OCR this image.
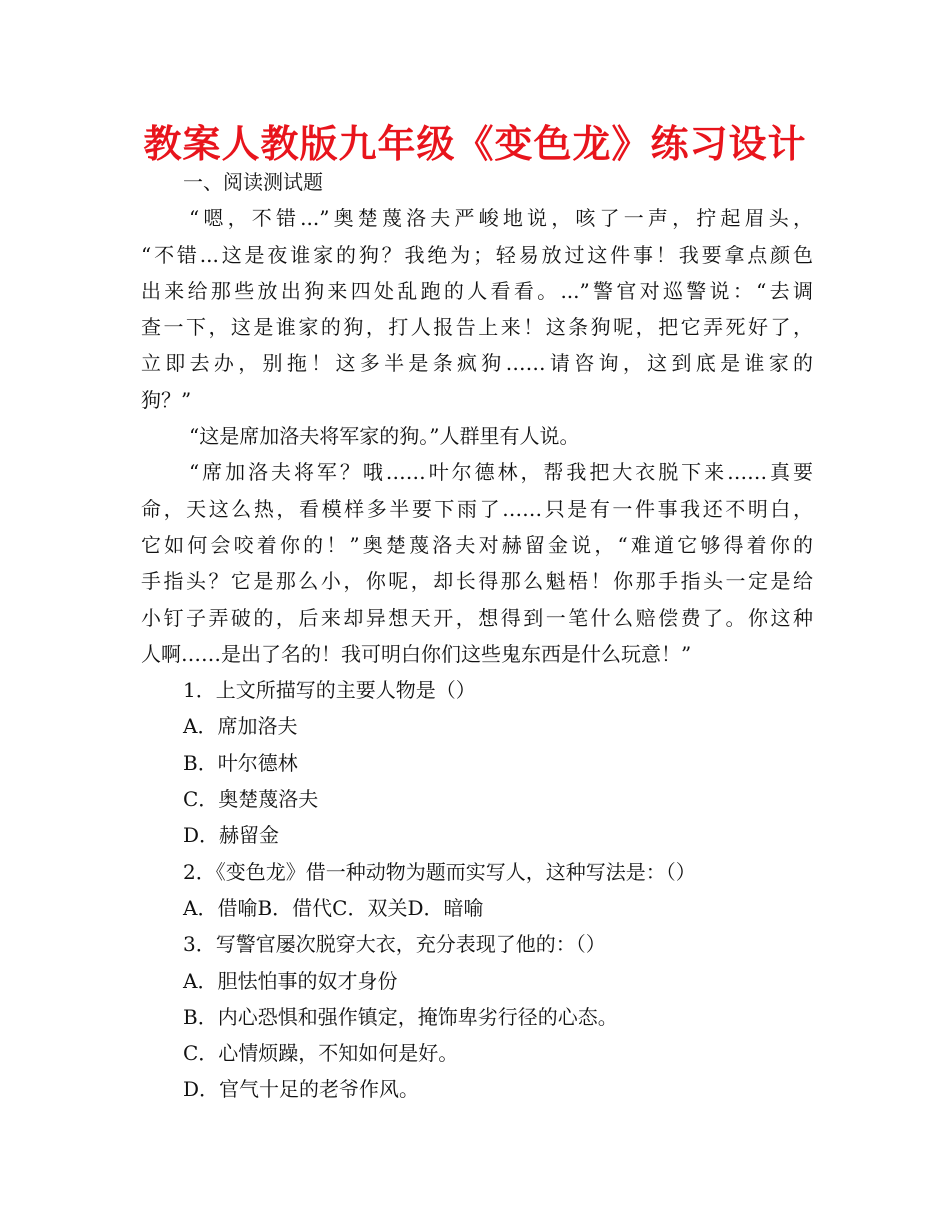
教案人教版九年级《变色龙》练习设计
一、阅读测试题
“嗯，不错...”奥楚蔑洛夫严峻地说，咳了一声，拧起眉头，
“不错...这是夜谁家的狗？我绝为；轻易放过这件事！我要拿点颜色
出来给那些放出狗来四处乱跑的人看看。...”警官对巡警说：“去调
查一下，这是谁家的狗，打人报告上来！这条狗呢，把它弄死好了，
立即去办，别拖！这多半是条疯狗……请咨询，这到底是谁家的
狗？”
“这是席加洛夫将军家的狗。”人群里有人说。
“席加洛夫将军？哦……叶尔德林，帮我把大衣脱下来……真要
命，天这么热，看模样多半要下雨了……只是有一件事我还不明白，
它如何会咬着你的！”奥楚蔑洛夫对赫留金说，“难道它够得着你的
手指头？它是那么小，你呢，却长得那么魁梧！你那手指头一定是给
小钉子弄破的，后来却异想天开，想得到一笔什么赔偿费了。你这种
人啊……是出了名的！我可明白你们这些鬼东西是什么玩意！”
1．上文所描写的主要人物是（）
A．席加洛夫
B．叶尔德林
C．奥楚蔑洛夫
D．赫留金
2．《变色龙》借一种动物为题而实写人，这种写法是：（）
A．借喻B．借代C．双关D．暗喻
3．写警官屡次脱穿大衣，充分表现了他的：（）
A．胆怯怕事的奴才身份
B．内心恐惧和强作镇定，掩饰卑劣行径的心态。
C．心情烦躁，不知如何是好。
D．官气十足的老爷作风。
